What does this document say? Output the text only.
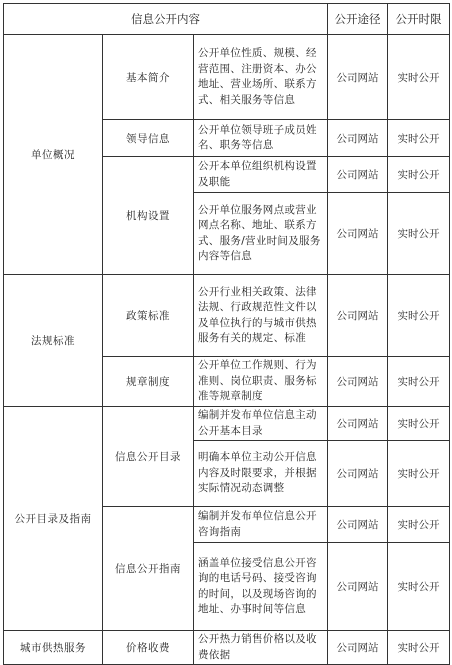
信息公开内容			公开途径	公开时限
单位概况	基本简介	公开单位性质、规模、经营范围、注册资本、办公地址、营业场所、联系方式、相关服务等信息	公司网站	实时公开
	领导信息	公开单位领导班子成员姓名、职务等信息	公司网站	实时公开
	机构设置	公开本单位组织机构设置及职能	公司网站	实时公开
		公开单位服务网点或营业网点名称、地址、联系方式、服务/营业时间及服务内容等信息	公司网站	实时公开
法规标准	政策标准	公开行业相关政策、法律法规、行政规范性文件以及单位执行的与城市供热服务有关的规定、标准	公司网站	实时公开
	规章制度	公开单位工作规则、行为准则、岗位职责、服务标准等规章制度	公司网站	实时公开
公开目录及指南	信息公开目录	编制并发布单位信息主动公开基本目录	公司网站	实时公开
		明确本单位主动公开信息内容及时限要求，并根据实际情况动态调整	公司网站	实时公开
	信息公开指南	编制并发布单位信息公开咨询指南	公司网站	实时公开
		涵盖单位接受信息公开咨询的电话号码、接受咨询的时间，以及现场咨询的地址、办事时间等信息	公司网站	实时公开
城市供热服务	价格收费	公开热力销售价格以及收费依据	公司网站	实时公开
